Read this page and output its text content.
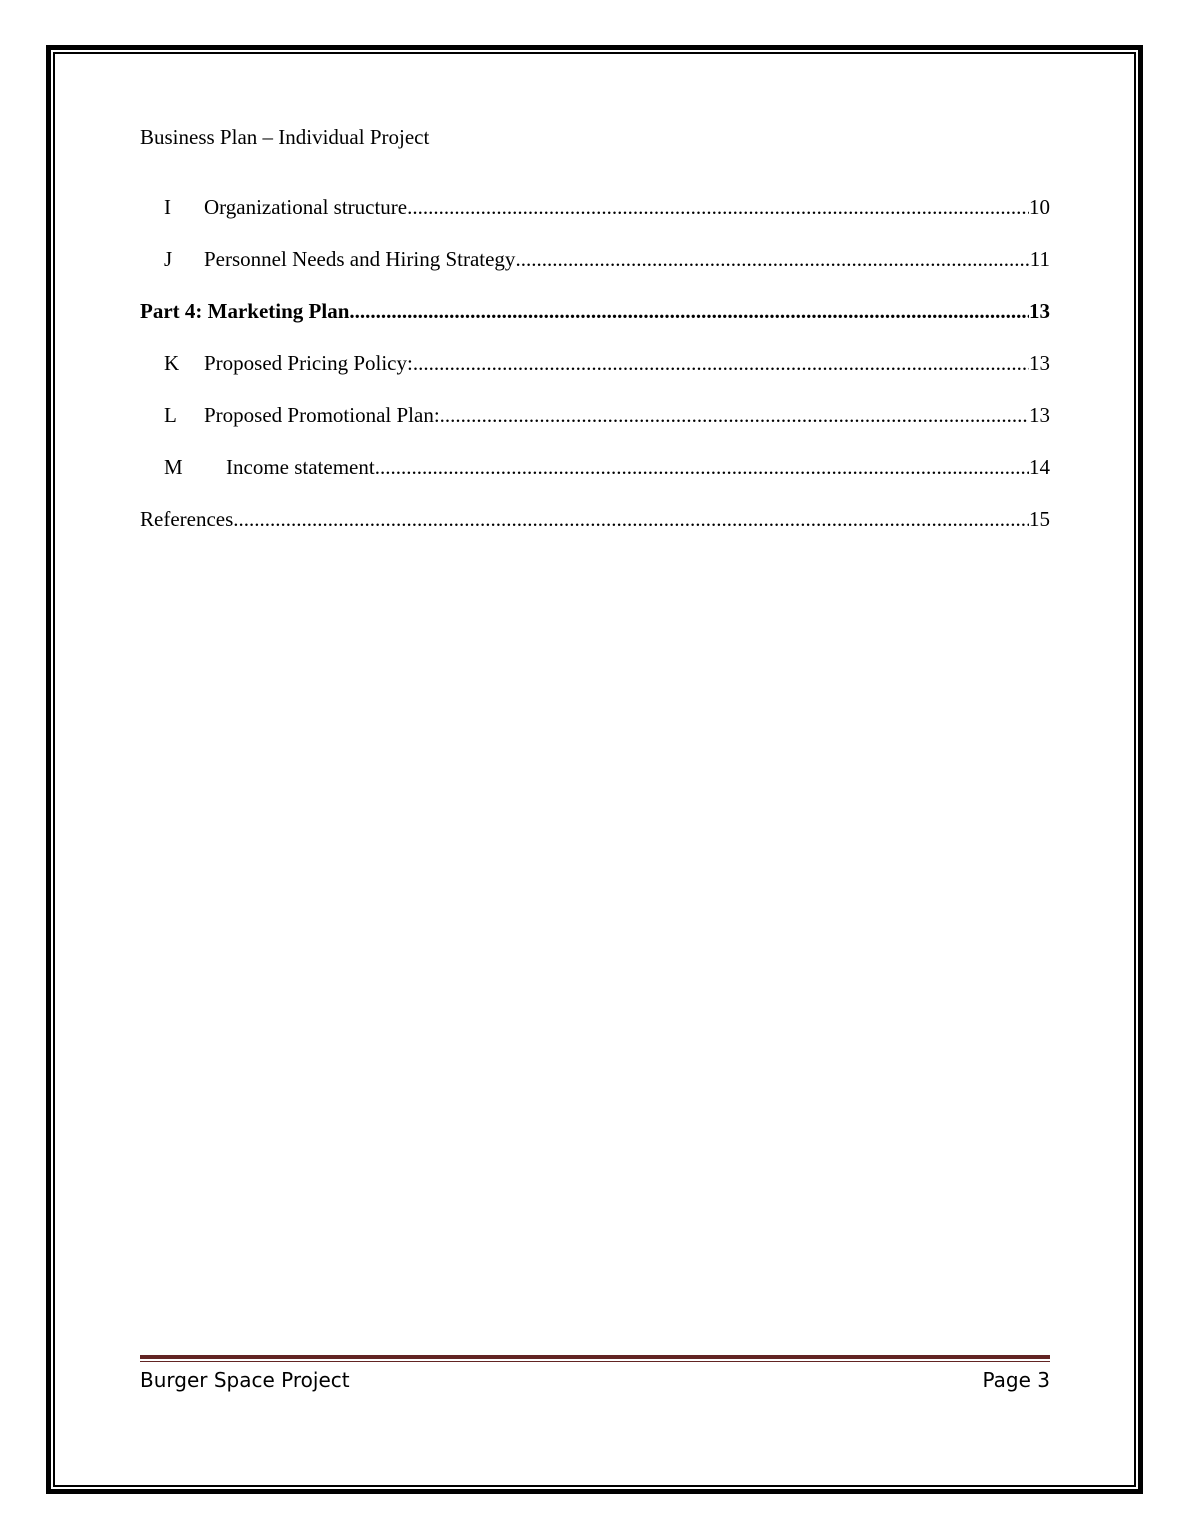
Business Plan – Individual Project
I	Organizational structure .....	10
J	Personnel Needs and Hiring Strategy .....	11
Part 4: Marketing Plan .....	13
K	Proposed Pricing Policy: .....	13
L	Proposed Promotional Plan: .....	13
M	Income statement .....	14
References .....	15
Burger Space Project	Page 3
